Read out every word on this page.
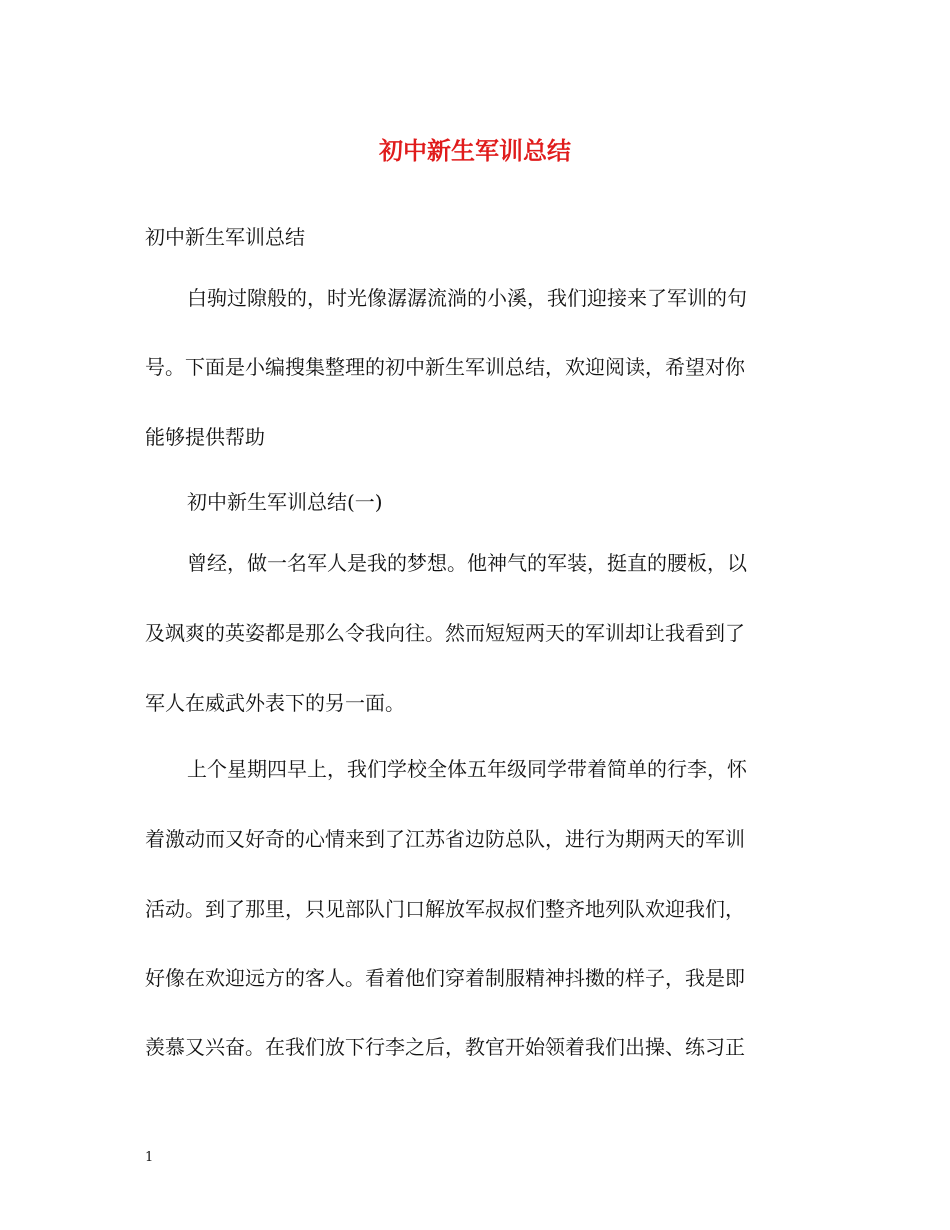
初中新生军训总结
初中新生军训总结
白驹过隙般的，时光像潺潺流淌的小溪，我们迎接来了军训的句
号。下面是小编搜集整理的初中新生军训总结，欢迎阅读，希望对你
能够提供帮助
初中新生军训总结(一)
曾经，做一名军人是我的梦想。他神气的军装，挺直的腰板，以
及飒爽的英姿都是那么令我向往。然而短短两天的军训却让我看到了
军人在威武外表下的另一面。
上个星期四早上，我们学校全体五年级同学带着简单的行李，怀
着激动而又好奇的心情来到了江苏省边防总队，进行为期两天的军训
活动。到了那里，只见部队门口解放军叔叔们整齐地列队欢迎我们，
好像在欢迎远方的客人。看着他们穿着制服精神抖擞的样子，我是即
羡慕又兴奋。在我们放下行李之后，教官开始领着我们出操、练习正
1
